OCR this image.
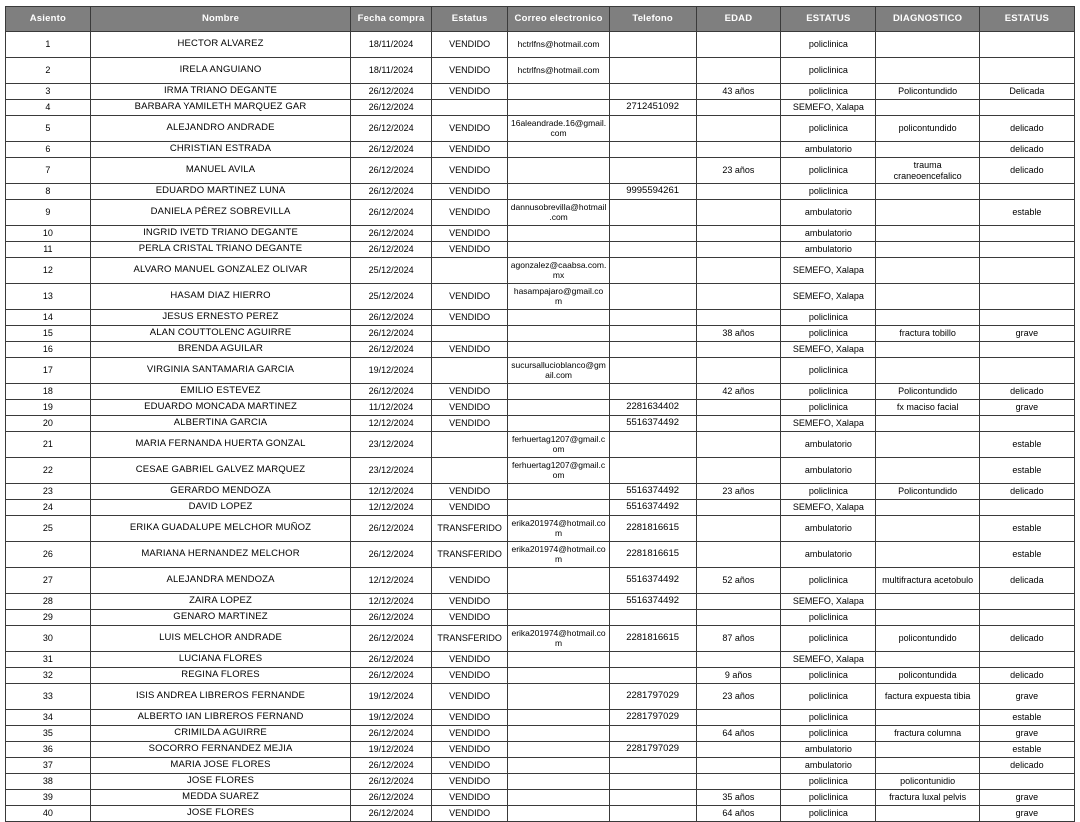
Asiento	Nombre	Fecha compra	Estatus	Correo electronico	Telefono	EDAD	ESTATUS	DIAGNOSTICO	ESTATUS
1	HECTOR ALVAREZ	18/11/2024	VENDIDO	hctrlfns@hotmail.com			policlinica		
2	IRELA ANGUIANO	18/11/2024	VENDIDO	hctrlfns@hotmail.com			policlinica		
3	IRMA TRIANO DEGANTE	26/12/2024	VENDIDO			43 años	policlinica	Policontundido	Delicada
4	BARBARA YAMILETH MARQUEZ GAR	26/12/2024			2712451092		SEMEFO, Xalapa		
5	ALEJANDRO ANDRADE	26/12/2024	VENDIDO	16aleandrade.16@gmail.com			policlinica	policontundido	delicado
6	CHRISTIAN ESTRADA	26/12/2024	VENDIDO				ambulatorio		delicado
7	MANUEL AVILA	26/12/2024	VENDIDO			23 años	policlinica	trauma craneoencefalico	delicado
8	EDUARDO MARTINEZ LUNA	26/12/2024	VENDIDO		9995594261		policlinica		
9	DANIELA PÉREZ SOBREVILLA	26/12/2024	VENDIDO	dannusobrevilla@hotmail.com			ambulatorio		estable
10	INGRID IVETD TRIANO DEGANTE	26/12/2024	VENDIDO				ambulatorio		
11	PERLA CRISTAL TRIANO DEGANTE	26/12/2024	VENDIDO				ambulatorio		
12	ALVARO MANUEL GONZALEZ OLIVAR	25/12/2024		agonzalez@caabsa.com.mx			SEMEFO, Xalapa		
13	HASAM DIAZ HIERRO	25/12/2024	VENDIDO	hasampajaro@gmail.com			SEMEFO, Xalapa		
14	JESUS ERNESTO PEREZ	26/12/2024	VENDIDO				policlinica		
15	ALAN COUTTOLENC AGUIRRE	26/12/2024				38 años	policlinica	fractura tobillo	grave
16	BRENDA AGUILAR	26/12/2024	VENDIDO				SEMEFO, Xalapa		
17	VIRGINIA SANTAMARIA GARCIA	19/12/2024		sucursallucioblanco@gmail.com			policlinica		
18	EMILIO ESTEVEZ	26/12/2024	VENDIDO			42 años	policlinica	Policontundido	delicado
19	EDUARDO MONCADA MARTINEZ	11/12/2024	VENDIDO		2281634402		policlinica	fx maciso facial	grave
20	ALBERTINA GARCIA	12/12/2024	VENDIDO		5516374492		SEMEFO, Xalapa		
21	MARIA FERNANDA HUERTA GONZAL	23/12/2024		ferhuertag1207@gmail.com			ambulatorio		estable
22	CESAE GABRIEL GALVEZ MARQUEZ	23/12/2024		ferhuertag1207@gmail.com			ambulatorio		estable
23	GERARDO MENDOZA	12/12/2024	VENDIDO		5516374492	23 años	policlinica	Policontundido	delicado
24	DAVID LOPEZ	12/12/2024	VENDIDO		5516374492		SEMEFO, Xalapa		
25	ERIKA GUADALUPE MELCHOR MUÑOZ	26/12/2024	TRANSFERIDO	erika201974@hotmail.com	2281816615		ambulatorio		estable
26	MARIANA HERNANDEZ MELCHOR	26/12/2024	TRANSFERIDO	erika201974@hotmail.com	2281816615		ambulatorio		estable
27	ALEJANDRA MENDOZA	12/12/2024	VENDIDO		5516374492	52 años	policlinica	multifractura acetobulo	delicada
28	ZAIRA LOPEZ	12/12/2024	VENDIDO		5516374492		SEMEFO, Xalapa		
29	GENARO MARTINEZ	26/12/2024	VENDIDO				policlinica		
30	LUIS MELCHOR ANDRADE	26/12/2024	TRANSFERIDO	erika201974@hotmail.com	2281816615	87 años	policlinica	policontundido	delicado
31	LUCIANA FLORES	26/12/2024	VENDIDO				SEMEFO, Xalapa		
32	REGINA FLORES	26/12/2024	VENDIDO			9 años	policlinica	policontundida	delicado
33	ISIS ANDREA LIBREROS FERNANDE	19/12/2024	VENDIDO		2281797029	23 años	policlinica	factura expuesta tibia	grave
34	ALBERTO IAN LIBREROS FERNAND	19/12/2024	VENDIDO		2281797029		policlinica		estable
35	CRIMILDA AGUIRRE	26/12/2024	VENDIDO			64 años	policlinica	fractura columna	grave
36	SOCORRO FERNANDEZ MEJIA	19/12/2024	VENDIDO		2281797029		ambulatorio		estable
37	MARIA JOSE FLORES	26/12/2024	VENDIDO				ambulatorio		delicado
38	JOSE FLORES	26/12/2024	VENDIDO				policlinica	policontunidio	
39	MEDDA SUAREZ	26/12/2024	VENDIDO			35 años	policlinica	fractura luxal pelvis	grave
40	JOSE FLORES	26/12/2024	VENDIDO			64 años	policlinica		grave
